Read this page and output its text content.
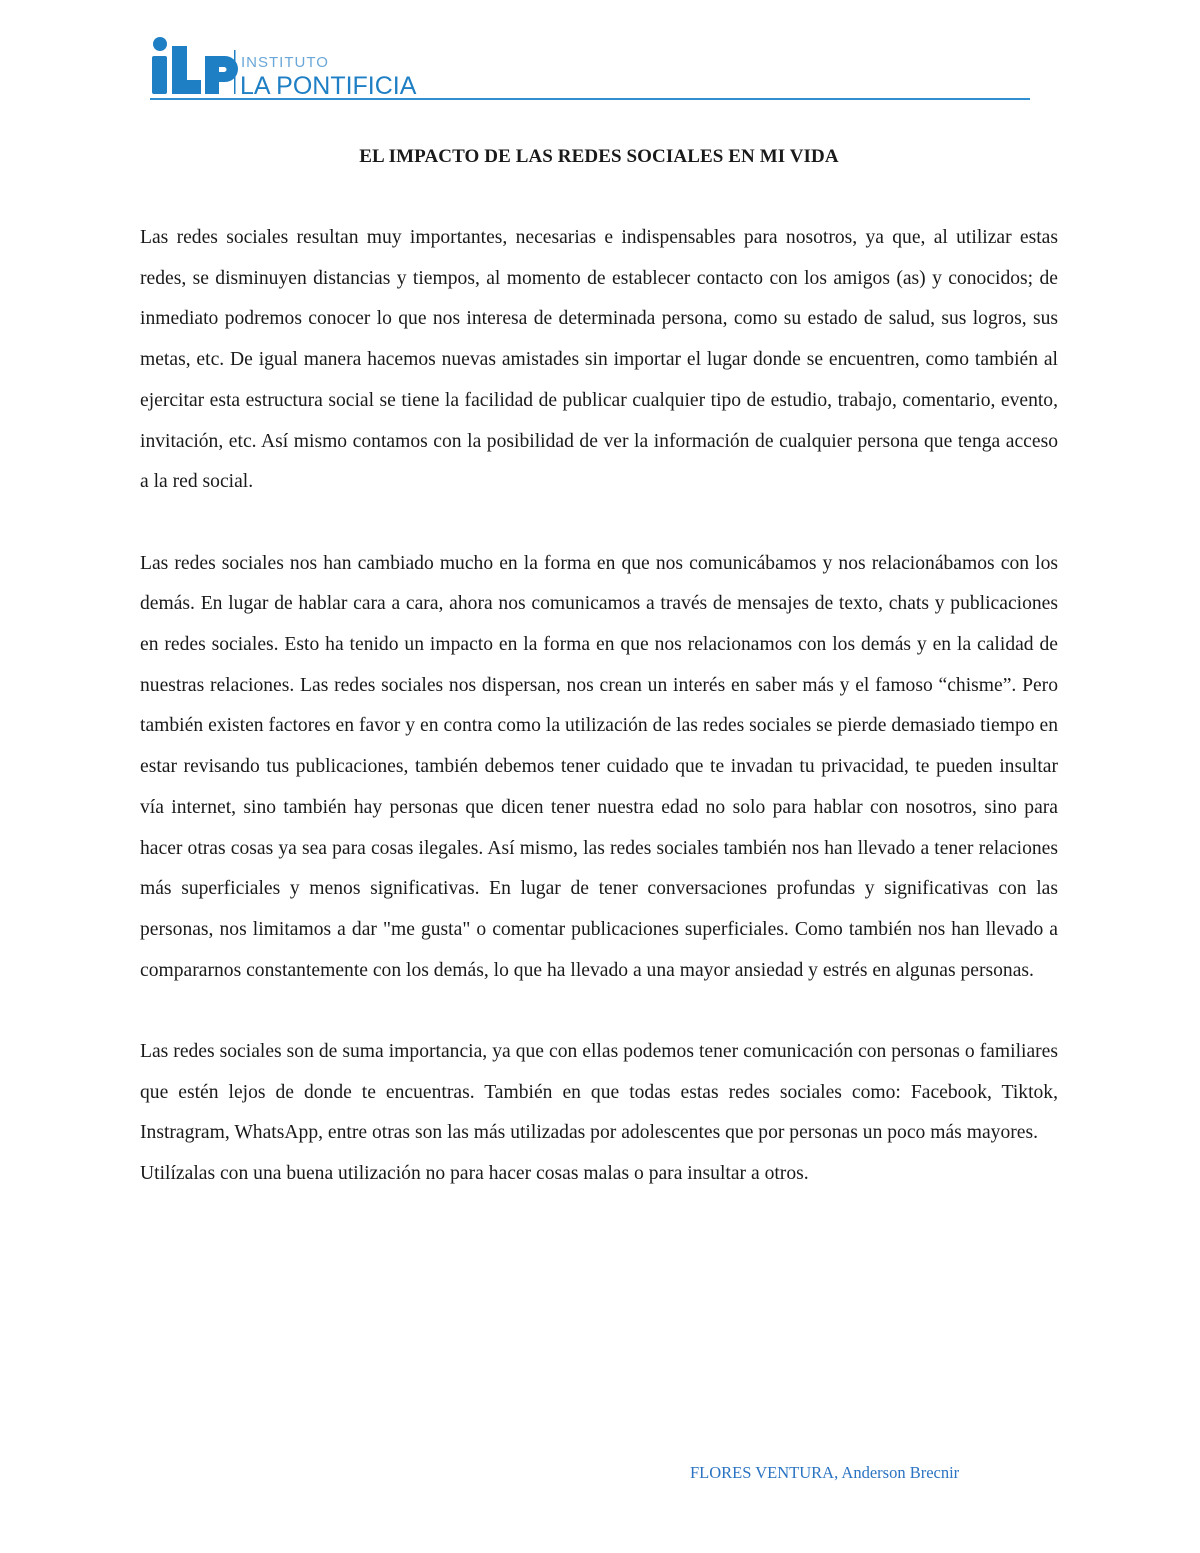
INSTITUTO
LA PONTIFICIA
EL IMPACTO DE LAS REDES SOCIALES EN MI VIDA

Las redes sociales resultan muy importantes, necesarias e indispensables para nosotros, ya que, al utilizar estas redes, se disminuyen distancias y tiempos, al momento de establecer contacto con los amigos (as) y conocidos; de inmediato podremos conocer lo que nos interesa de determinada persona, como su estado de salud, sus logros, sus metas, etc. De igual manera hacemos nuevas amistades sin importar el lugar donde se encuentren, como también al ejercitar esta estructura social se tiene la facilidad de publicar cualquier tipo de estudio, trabajo, comentario, evento, invitación, etc. Así mismo contamos con la posibilidad de ver la información de cualquier persona que tenga acceso a la red social.

Las redes sociales nos han cambiado mucho en la forma en que nos comunicábamos y nos relacionábamos con los demás. En lugar de hablar cara a cara, ahora nos comunicamos a través de mensajes de texto, chats y publicaciones en redes sociales. Esto ha tenido un impacto en la forma en que nos relacionamos con los demás y en la calidad de nuestras relaciones. Las redes sociales nos dispersan, nos crean un interés en saber más y el famoso “chisme”. Pero también existen factores en favor y en contra como la utilización de las redes sociales se pierde demasiado tiempo en estar revisando tus publicaciones, también debemos tener cuidado que te invadan tu privacidad, te pueden insultar vía internet, sino también hay personas que dicen tener nuestra edad no solo para hablar con nosotros, sino para hacer otras cosas ya sea para cosas ilegales. Así mismo, las redes sociales también nos han llevado a tener relaciones más superficiales y menos significativas. En lugar de tener conversaciones profundas y significativas con las personas, nos limitamos a dar "me gusta" o comentar publicaciones superficiales. Como también nos han llevado a compararnos constantemente con los demás, lo que ha llevado a una mayor ansiedad y estrés en algunas personas.

Las redes sociales son de suma importancia, ya que con ellas podemos tener comunicación con personas o familiares que estén lejos de donde te encuentras. También en que todas estas redes sociales como: Facebook, Tiktok, Instragram, WhatsApp, entre otras son las más utilizadas por adolescentes que por personas un poco más mayores.

Utilízalas con una buena utilización no para hacer cosas malas o para insultar a otros.

FLORES VENTURA, Anderson Brecnir
